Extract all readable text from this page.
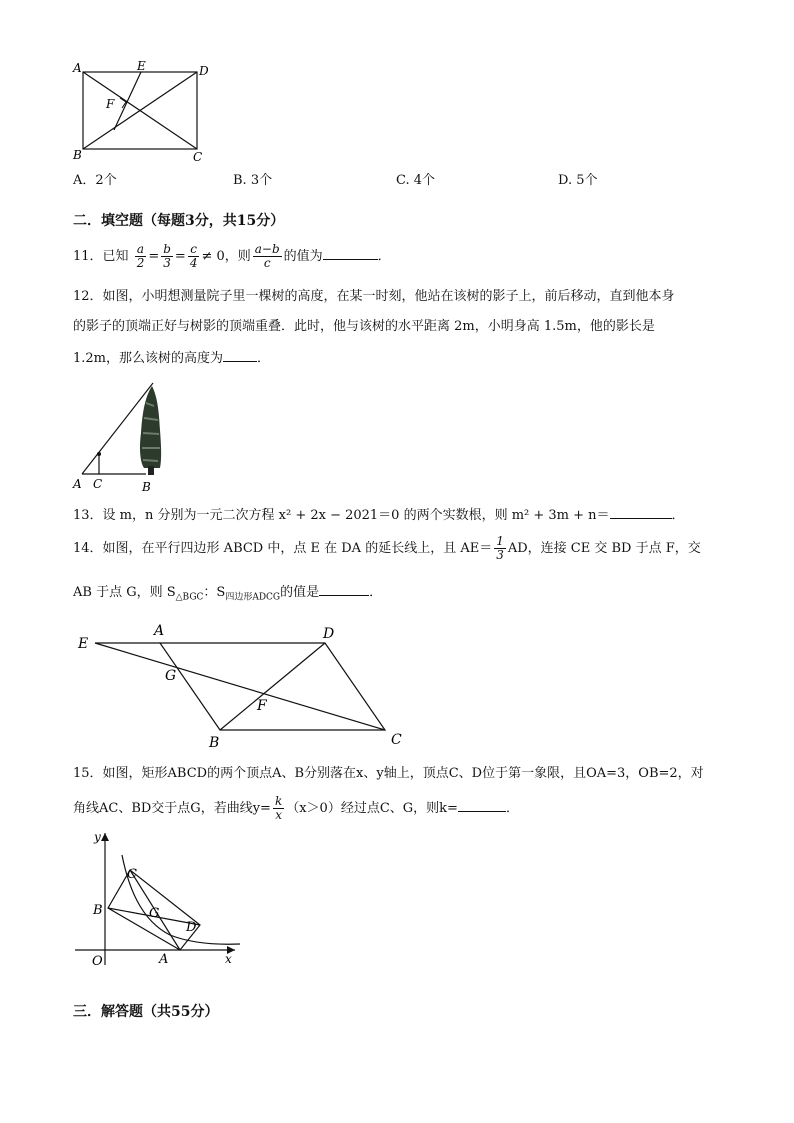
A	E	D
F
B	C
A．2个	B. 3个	C. 4个	D. 5个
二．填空题（每题3分，共15分）
11．已知 $\frac{a}{2} = \frac{b}{3} = \frac{c}{4} \ne 0$，则 $\frac{a-b}{c}$ 的值为	．
12．如图，小明想测量院子里一棵树的高度，在某一时刻，他站在该树的影子上，前后移动，直到他本身
的影子的顶端正好与树影的顶端重叠．此时，他与该树的水平距离 2m，小明身高 1.5m，他的影长是
1.2m，那么该树的高度为	．
A C	B
13．设 m，n 分别为一元二次方程 x² + 2x − 2021＝0 的两个实数根，则 m² + 3m + n＝	．
14．如图，在平行四边形 ABCD 中，点 E 在 DA 的延长线上，且 $AE= \frac{1}{3}$ AD，连接 CE 交 BD 于点 F，交
AB 于点 G，则 $S_{\triangle BGC}$：$S_{四边形ADCG}$的值是	．
E
A	D
G
F
B	C
15．如图，矩形ABCD的两个顶点A、B分别落在x、y轴上，顶点C、D位于第一象限，且OA=3，OB=2，对
角线AC、BD交于点G，若曲线$y= \frac{k}{x} (x>0)$经过点C、G，则k=	．
y
C
B	G
D
O	A	x
三．解答题（共55分）
